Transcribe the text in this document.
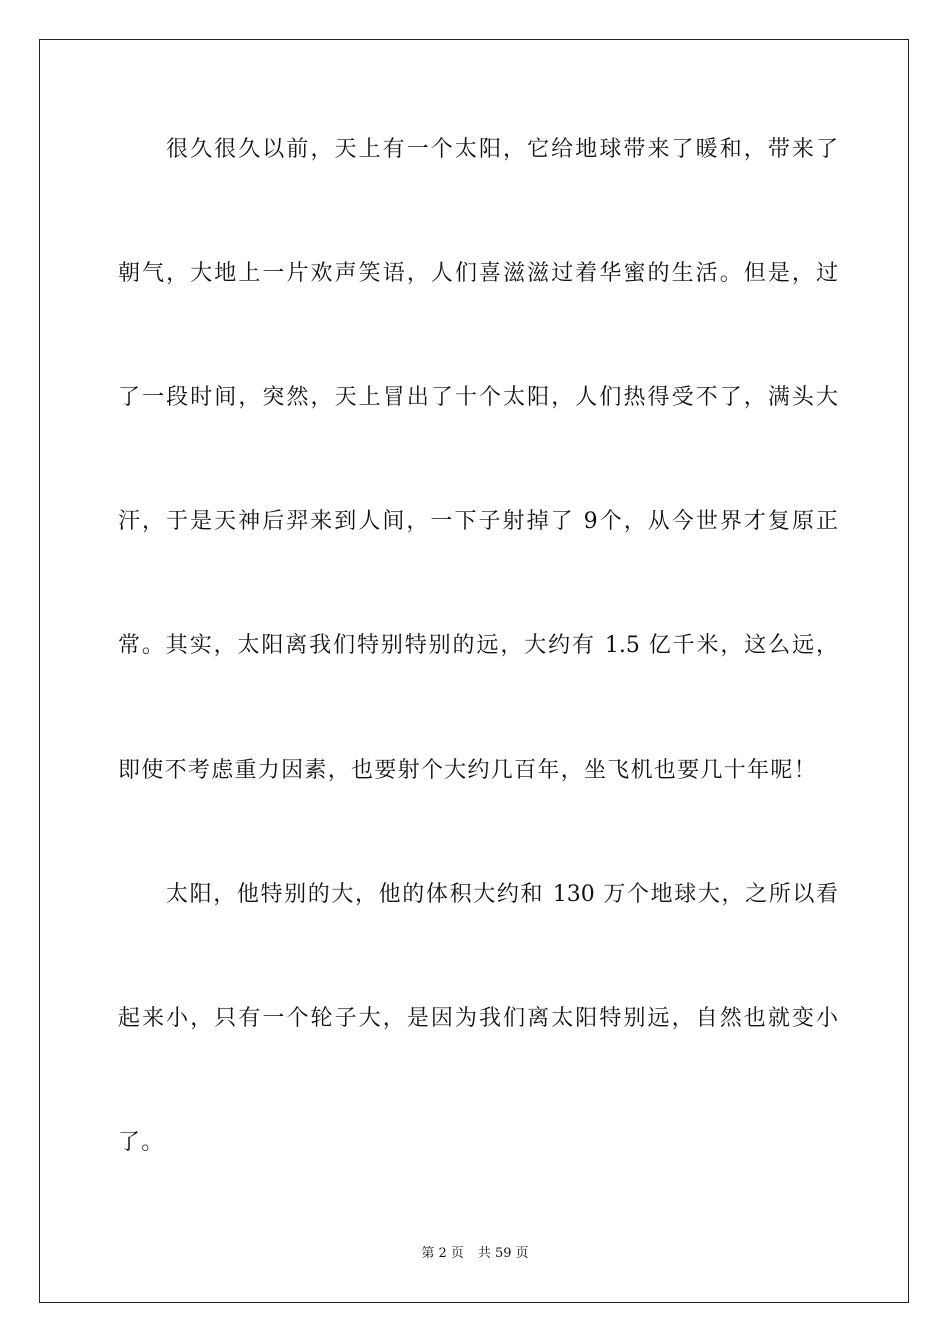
很久很久以前，天上有一个太阳，它给地球带来了暖和，带来了

朝气，大地上一片欢声笑语，人们喜滋滋过着华蜜的生活。但是，过

了一段时间，突然，天上冒出了十个太阳，人们热得受不了，满头大

汗，于是天神后羿来到人间，一下子射掉了 9个，从今世界才复原正

常。其实，太阳离我们特别特别的远，大约有 1.5 亿千米，这么远，

即使不考虑重力因素，也要射个大约几百年，坐飞机也要几十年呢！

太阳，他特别的大，他的体积大约和 130 万个地球大，之所以看

起来小，只有一个轮子大，是因为我们离太阳特别远，自然也就变小

了。

第 2 页 共 59 页
